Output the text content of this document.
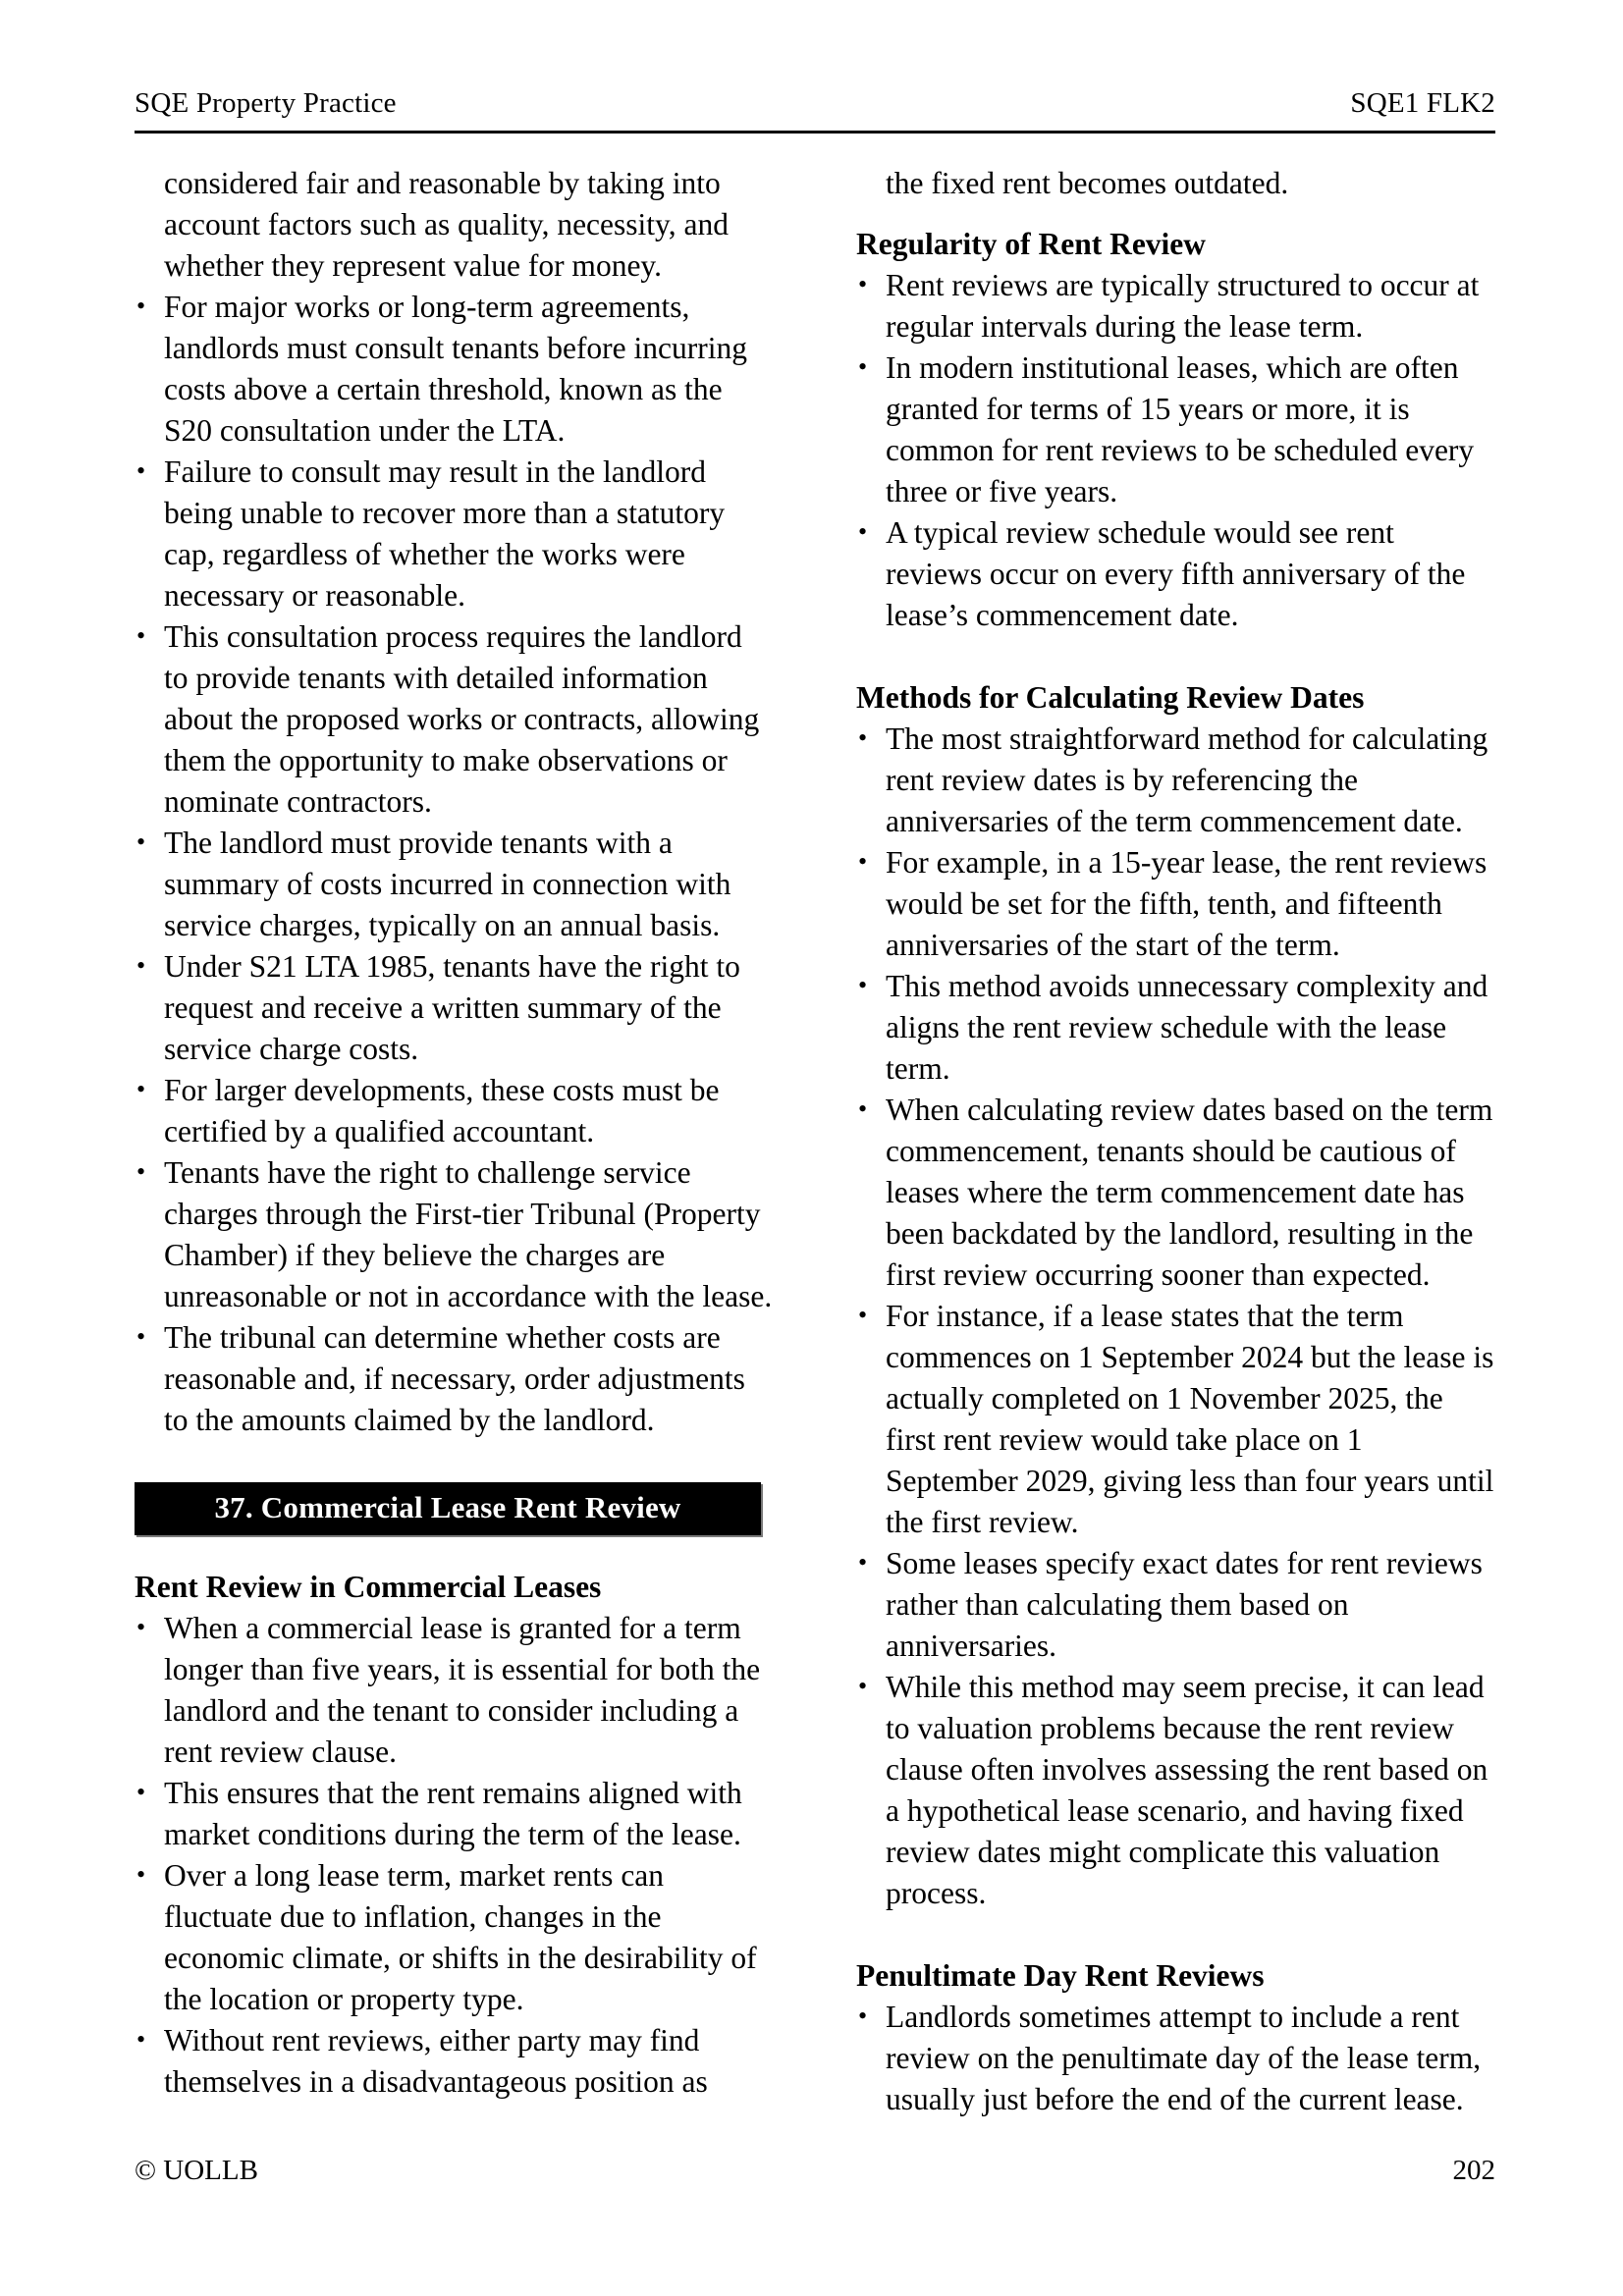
SQE Property Practice	SQE1 FLK2

considered fair and reasonable by taking into account factors such as quality, necessity, and whether they represent value for money.

• For major works or long-term agreements, landlords must consult tenants before incurring costs above a certain threshold, known as the S20 consultation under the LTA.
• Failure to consult may result in the landlord being unable to recover more than a statutory cap, regardless of whether the works were necessary or reasonable.
• This consultation process requires the landlord to provide tenants with detailed information about the proposed works or contracts, allowing them the opportunity to make observations or nominate contractors.
• The landlord must provide tenants with a summary of costs incurred in connection with service charges, typically on an annual basis.
• Under S21 LTA 1985, tenants have the right to request and receive a written summary of the service charge costs.
• For larger developments, these costs must be certified by a qualified accountant.
• Tenants have the right to challenge service charges through the First-tier Tribunal (Property Chamber) if they believe the charges are unreasonable or not in accordance with the lease.
• The tribunal can determine whether costs are reasonable and, if necessary, order adjustments to the amounts claimed by the landlord.
37. Commercial Lease Rent Review
Rent Review in Commercial Leases
• When a commercial lease is granted for a term longer than five years, it is essential for both the landlord and the tenant to consider including a rent review clause.
• This ensures that the rent remains aligned with market conditions during the term of the lease.
• Over a long lease term, market rents can fluctuate due to inflation, changes in the economic climate, or shifts in the desirability of the location or property type.
• Without rent reviews, either party may find themselves in a disadvantageous position as

the fixed rent becomes outdated.

Regularity of Rent Review
• Rent reviews are typically structured to occur at regular intervals during the lease term.
• In modern institutional leases, which are often granted for terms of 15 years or more, it is common for rent reviews to be scheduled every three or five years.
• A typical review schedule would see rent reviews occur on every fifth anniversary of the lease’s commencement date.
Methods for Calculating Review Dates
• The most straightforward method for calculating rent review dates is by referencing the anniversaries of the term commencement date.
• For example, in a 15-year lease, the rent reviews would be set for the fifth, tenth, and fifteenth anniversaries of the start of the term.
• This method avoids unnecessary complexity and aligns the rent review schedule with the lease term.
• When calculating review dates based on the term commencement, tenants should be cautious of leases where the term commencement date has been backdated by the landlord, resulting in the first review occurring sooner than expected.
• For instance, if a lease states that the term commences on 1 September 2024 but the lease is actually completed on 1 November 2025, the first rent review would take place on 1 September 2029, giving less than four years until the first review.
• Some leases specify exact dates for rent reviews rather than calculating them based on anniversaries.
• While this method may seem precise, it can lead to valuation problems because the rent review clause often involves assessing the rent based on a hypothetical lease scenario, and having fixed review dates might complicate this valuation process.
Penultimate Day Rent Reviews
• Landlords sometimes attempt to include a rent review on the penultimate day of the lease term, usually just before the end of the current lease.
© UOLLB	202
